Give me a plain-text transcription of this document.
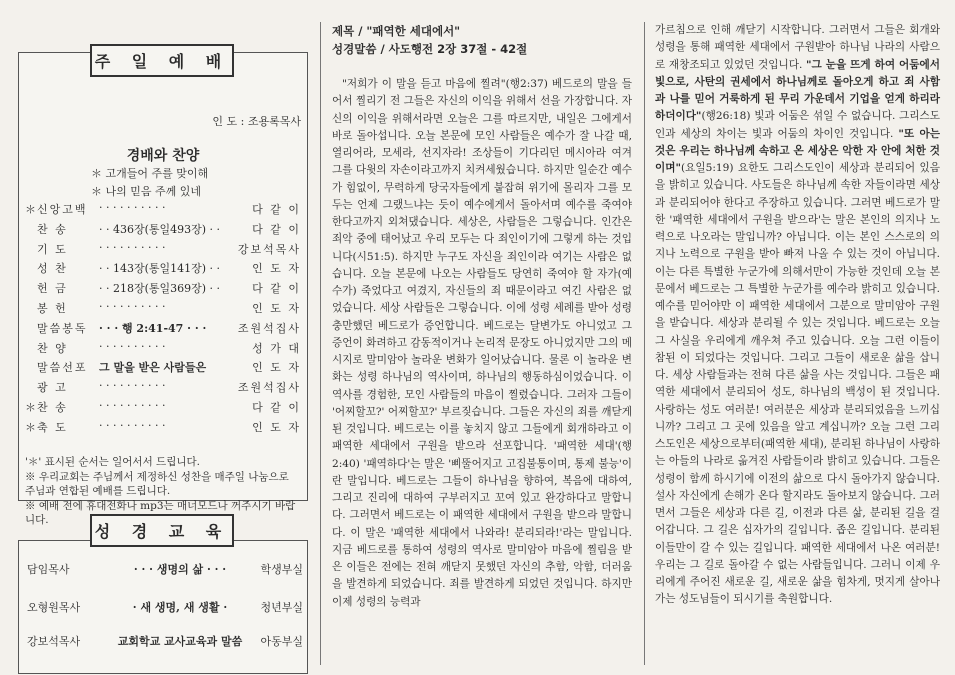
인 도 : 조용록목사
경배와 찬양
＊ 고개들어 주를 맞이해
＊ 나의 믿음 주께 있네
＊ 신앙고백	· · · · · · · · · ·	다 같 이
찬 송	· · 436장(통일493장) · ·	다 같 이
기 도	· · · · · · · · · ·	강보석목사
성 찬	· · 143장(통일141장) · ·	인 도 자
헌 금	· · 218장(통일369장) · ·	다 같 이
봉 헌	· · · · · · · · · ·	인 도 자
말씀봉독	· · · 행 2:41-47 · · ·	조원석집사
찬 양	· · · · · · · · · ·	성 가 대
말씀선포	그 말을 받은 사람들은	인 도 자
광 고	· · · · · · · · · ·	조원석집사
＊ 찬 송	· · · · · · · · · ·	다 같 이
＊ 축 도	· · · · · · · · · ·	인 도 자
'＊' 표시된 순서는 일어서서 드립니다.
※ 우리교회는 주님께서 제정하신 성찬을 매주일 나눔으로 주님과 연합된 예배를 드립니다.
※ 예배 전에 휴대전화나 mp3는 매너모드나 꺼주시기 바랍니다.
주 일 예 배
담임목사	· · · 생명의 삶 · · ·	학생부실
오형원목사	· 새 생명, 새 생활 ·	청년부실
강보석목사	교회학교 교사교육과 말씀	아동부실
성 경 교 육
제목 / "패역한 세대에서"
성경말씀 / 사도행전 2장 37절 - 42절
"저희가 이 말을 듣고 마음에 찔려"(행2:37) 베드로의 말을 들어서 찔리기 전 그들은 자신의 이익을 위해서 선을 가장합니다. 자신의 이익을 위해서라면 오늘은 그를 따르지만, 내일은 그에게서 바로 돌아섭니다. 오늘 본문에 모인 사람들은 예수가 잘 나갈 때, 열리어라, 모세라, 선지자라! 조상들이 기다리던 메시아라 여겨 그를 다윗의 자손이라고까지 치켜세웠습니다. 하지만 일순간 예수가 힘없이, 무력하게 당국자들에게 붙잡혀 위기에 몰리자 그를 모두는 언제 그랬느냐는 듯이 예수에게서 돌아서며 예수를 죽여야 한다고까지 외쳐댔습니다. 세상은, 사람들은 그렇습니다. 인간은 죄악 중에 태어났고 우리 모두는 다 죄인이기에 그렇게 하는 것입니다(시51:5). 하지만 누구도 자신을 죄인이라 여기는 사람은 없습니다. 오늘 본문에 나오는 사람들도 당연히 죽여야 할 자가(예수가) 죽었다고 여겼지, 자신들의 죄 때문이라고 여긴 사람은 없었습니다. 세상 사람들은 그렇습니다. 이에 성령 세례를 받아 성령 충만했던 베드로가 증언합니다. 베드로는 달변가도 아니었고 그 증언이 화려하고 감동적이거나 논리적 문장도 아니었지만 그의 메시지로 말미암아 놀라운 변화가 일어났습니다. 물론 이 놀라운 변화는 성령 하나님의 역사이며, 하나님의 행동하심이었습니다. 이 역사를 경험한, 모인 사람들의 마음이 찔렸습니다. 그러자 그들이 '어찌할꼬?' 어찌할꼬?' 부르짖습니다. 그들은 자신의 죄를 깨닫게 된 것입니다. 베드로는 이를 놓치지 않고 그들에게 회개하라고 이 패역한 세대에서 구원을 받으라 선포합니다. '패역한 세대'(행2:40) '패역하다'는 말은 '삐뚤어지고 고집불통이며, 통제 불능'이란 말입니다. 베드로는 그들이 하나님을 향하여, 복음에 대하여, 그리고 진리에 대하여 구부러지고 꼬여 있고 완강하다고 말합니다. 그러면서 베드로는 이 패역한 세대에서 구원을 받으라 말합니다. 이 말은 '패역한 세대에서 나와라! 분리되라!'라는 말입니다. 지금 베드로를 통하여 성령의 역사로 말미암아 마음에 찔림을 받은 이들은 전에는 전혀 깨닫지 못했던 자신의 추함, 악함, 더러움을 발견하게 되었습니다. 죄를 발견하게 되었던 것입니다. 하지만 이제 성령의 능력과
가르침으로 인해 깨닫기 시작합니다. 그러면서 그들은 회개와 성령을 통해 패역한 세대에서 구원받아 하나님 나라의 사람으로 재창조되고 있었던 것입니다. "그 눈을 뜨게 하여 어둠에서 빛으로, 사탄의 권세에서 하나님께로 돌아오게 하고 죄 사함과 나를 믿어 거룩하게 된 무리 가운데서 기업을 얻게 하리라 하더이다"(행26:18) 빛과 어둠은 섞일 수 없습니다. 그리스도인과 세상의 차이는 빛과 어둠의 차이인 것입니다. "또 아는 것은 우리는 하나님께 속하고 온 세상은 악한 자 안에 처한 것이며"(요일5:19) 요한도 그리스도인이 세상과 분리되어 있음을 밝히고 있습니다. 사도들은 하나님께 속한 자들이라면 세상과 분리되어야 한다고 주장하고 있습니다. 그러면 베드로가 말한 '패역한 세대에서 구원을 받으라'는 말은 본인의 의지나 노력으로 나오라는 말입니까? 아닙니다. 이는 본인 스스로의 의지나 노력으로 구원을 받아 빠져 나올 수 있는 것이 아닙니다. 이는 다른 특별한 누군가에 의해서만이 가능한 것인데 오늘 본문에서 베드로는 그 특별한 누군가를 예수라 밝히고 있습니다. 예수를 믿어야만 이 패역한 세대에서 그분으로 말미암아 구원을 받습니다. 세상과 분리될 수 있는 것입니다. 베드로는 오늘 그 사실을 우리에게 깨우쳐 주고 있습니다. 오늘 그런 이들이 참된 이 되었다는 것입니다. 그리고 그들이 새로운 삶을 삽니다. 세상 사람들과는 전혀 다른 삶을 사는 것입니다. 그들은 패역한 세대에서 분리되어 성도, 하나님의 백성이 된 것입니다. 사랑하는 성도 여러분! 여러분은 세상과 분리되었음을 느끼십니까? 그리고 그 곳에 있음을 알고 계십니까? 오늘 그런 그리스도인은 세상으로부터(패역한 세대), 분리된 하나님이 사랑하는 아들의 나라로 옮겨진 사람들이라 밝히고 있습니다. 그들은 성령이 함께 하시기에 이전의 삶으로 다시 돌아가지 않습니다. 설사 자신에게 손해가 온다 할지라도 돌아보지 않습니다. 그러면서 그들은 세상과 다른 길, 이전과 다른 삶, 분리된 길을 걸어갑니다. 그 길은 십자가의 길입니다. 좁은 길입니다. 분리된 이들만이 갈 수 있는 길입니다. 패역한 세대에서 나온 여러분! 우리는 그 길로 돌아갈 수 없는 사람들입니다. 그러니 이제 우리에게 주어진 새로운 길, 새로운 삶을 힘차게, 멋지게 살아나가는 성도님들이 되시기를 축원합니다.
